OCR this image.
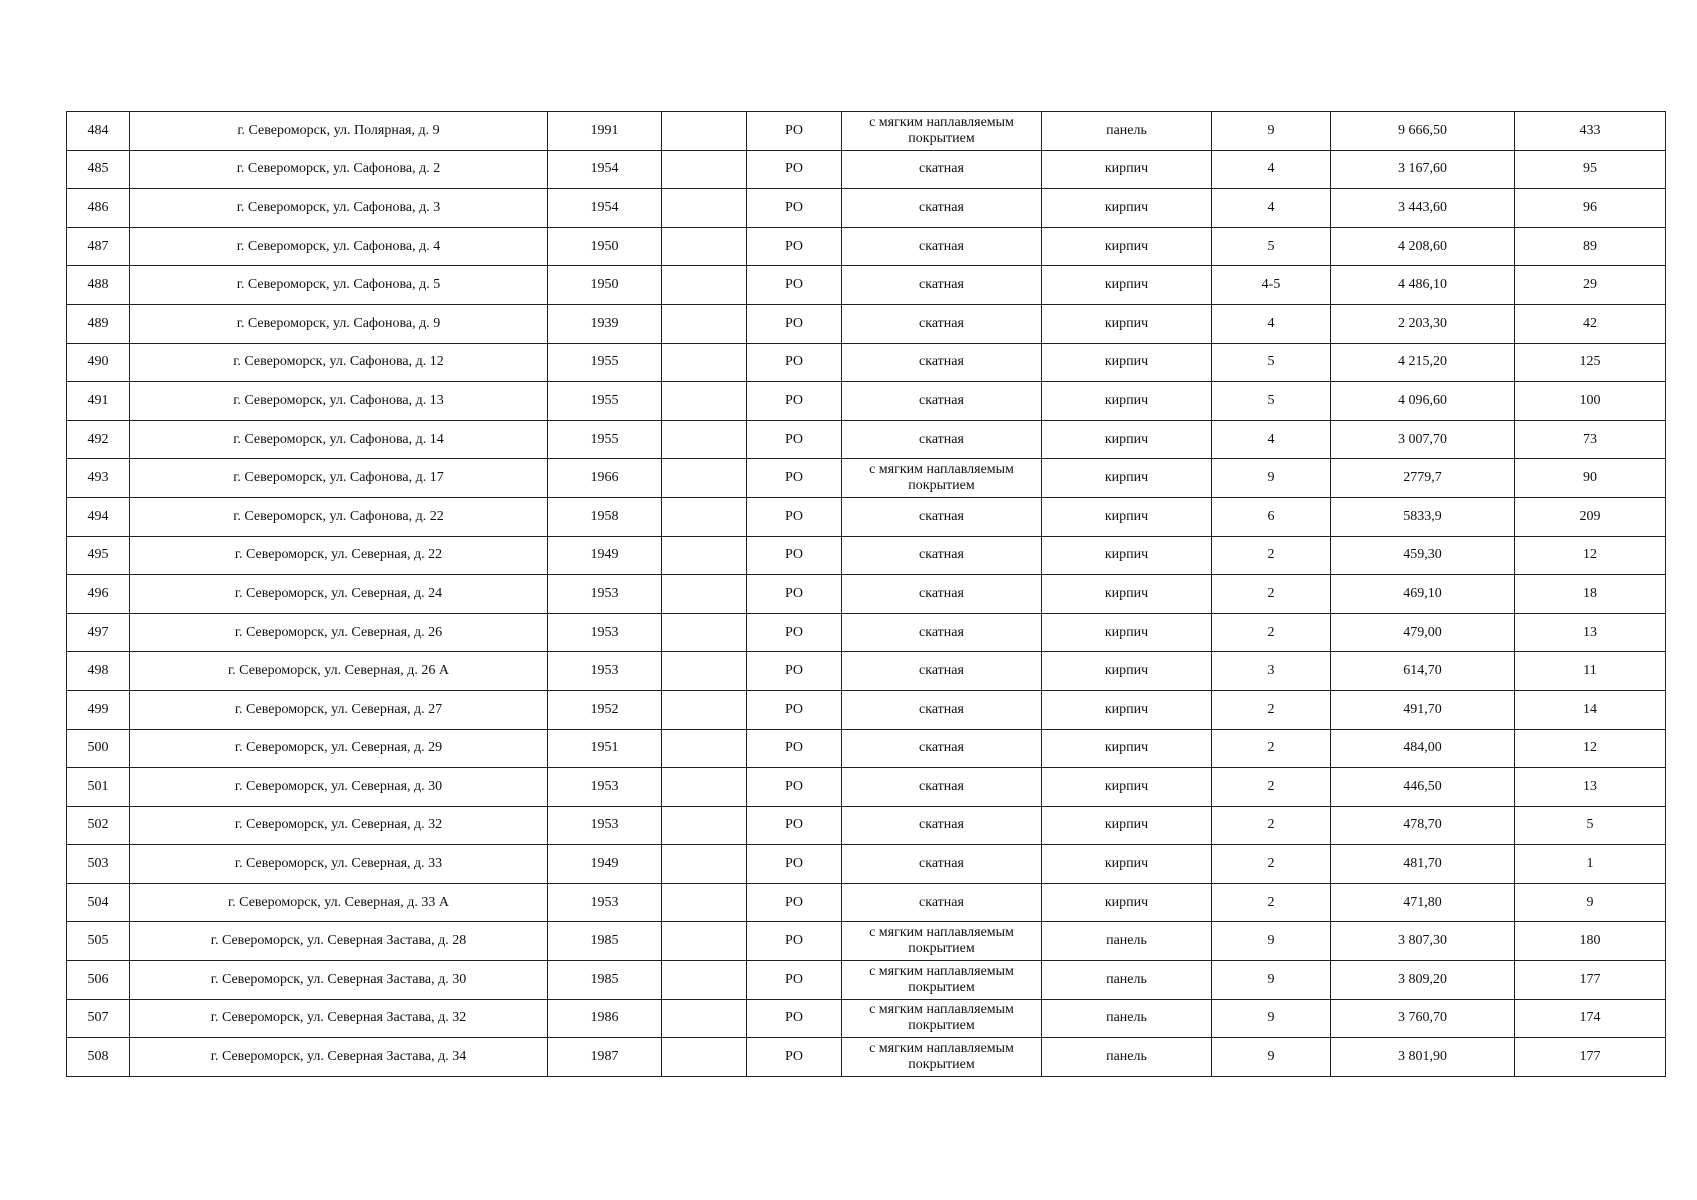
484	г. Североморск, ул. Полярная, д. 9	1991		РО	с мягким наплавляемым покрытием	панель	9	9 666,50	433
485	г. Североморск, ул. Сафонова, д. 2	1954		РО	скатная	кирпич	4	3 167,60	95
486	г. Североморск, ул. Сафонова, д. 3	1954		РО	скатная	кирпич	4	3 443,60	96
487	г. Североморск, ул. Сафонова, д. 4	1950		РО	скатная	кирпич	5	4 208,60	89
488	г. Североморск, ул. Сафонова, д. 5	1950		РО	скатная	кирпич	4-5	4 486,10	29
489	г. Североморск, ул. Сафонова, д. 9	1939		РО	скатная	кирпич	4	2 203,30	42
490	г. Североморск, ул. Сафонова, д. 12	1955		РО	скатная	кирпич	5	4 215,20	125
491	г. Североморск, ул. Сафонова, д. 13	1955		РО	скатная	кирпич	5	4 096,60	100
492	г. Североморск, ул. Сафонова, д. 14	1955		РО	скатная	кирпич	4	3 007,70	73
493	г. Североморск, ул. Сафонова, д. 17	1966		РО	с мягким наплавляемым покрытием	кирпич	9	2779,7	90
494	г. Североморск, ул. Сафонова, д. 22	1958		РО	скатная	кирпич	6	5833,9	209
495	г. Североморск, ул. Северная, д. 22	1949		РО	скатная	кирпич	2	459,30	12
496	г. Североморск, ул. Северная, д. 24	1953		РО	скатная	кирпич	2	469,10	18
497	г. Североморск, ул. Северная, д. 26	1953		РО	скатная	кирпич	2	479,00	13
498	г. Североморск, ул. Северная, д. 26 А	1953		РО	скатная	кирпич	3	614,70	11
499	г. Североморск, ул. Северная, д. 27	1952		РО	скатная	кирпич	2	491,70	14
500	г. Североморск, ул. Северная, д. 29	1951		РО	скатная	кирпич	2	484,00	12
501	г. Североморск, ул. Северная, д. 30	1953		РО	скатная	кирпич	2	446,50	13
502	г. Североморск, ул. Северная, д. 32	1953		РО	скатная	кирпич	2	478,70	5
503	г. Североморск, ул. Северная, д. 33	1949		РО	скатная	кирпич	2	481,70	1
504	г. Североморск, ул. Северная, д. 33 А	1953		РО	скатная	кирпич	2	471,80	9
505	г. Североморск, ул. Северная Застава, д. 28	1985		РО	с мягким наплавляемым покрытием	панель	9	3 807,30	180
506	г. Североморск, ул. Северная Застава, д. 30	1985		РО	с мягким наплавляемым покрытием	панель	9	3 809,20	177
507	г. Североморск, ул. Северная Застава, д. 32	1986		РО	с мягким наплавляемым покрытием	панель	9	3 760,70	174
508	г. Североморск, ул. Северная Застава, д. 34	1987		РО	с мягким наплавляемым покрытием	панель	9	3 801,90	177
